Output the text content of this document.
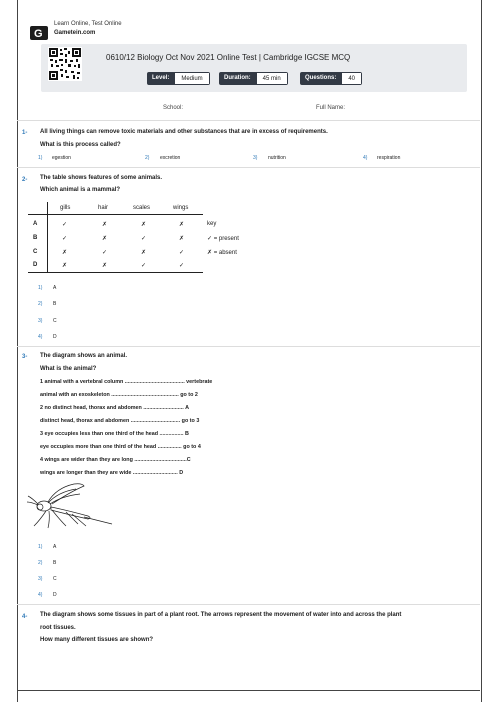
G
Learn Online, Test Online
Gametein.com
0610/12 Biology Oct Nov 2021 Online Test | Cambridge IGCSE MCQ
Level:	Medium	Duration:	45 min	Questions:	40
School:	Full Name:
1- All living things can remove toxic materials and other substances that are in excess of requirements.
What is this process called?
1) egestion	2) excretion	3) nutrition	4) respiration
2- The table shows features of some animals.
Which animal is a mammal?
gills	hair	scales	wings
A	✓	✗	✗	✗	key
B	✓	✗	✓	✗	✓ = present
C	✗	✓	✗	✓	✗ = absent
D	✗	✗	✓	✓
1) A
2) B
3) C
4) D
3- The diagram shows an animal.
What is the animal?
1 animal with a vertebral column ........................................ vertebrate
animal with an exoskeleton ............................................. go to 2
2 no distinct head, thorax and abdomen ........................... A
distinct head, thorax and abdomen ................................. go to 3
3 eye occupies less than one third of the head ................ B
eye occupies more than one third of the head ................ go to 4
4 wings are wider than they are long ...................................C
wings are longer than they are wide .............................. D
1) A
2) B
3) C
4) D
4- The diagram shows some tissues in part of a plant root. The arrows represent the movement of water into and across the plant
root tissues.
How many different tissues are shown?
